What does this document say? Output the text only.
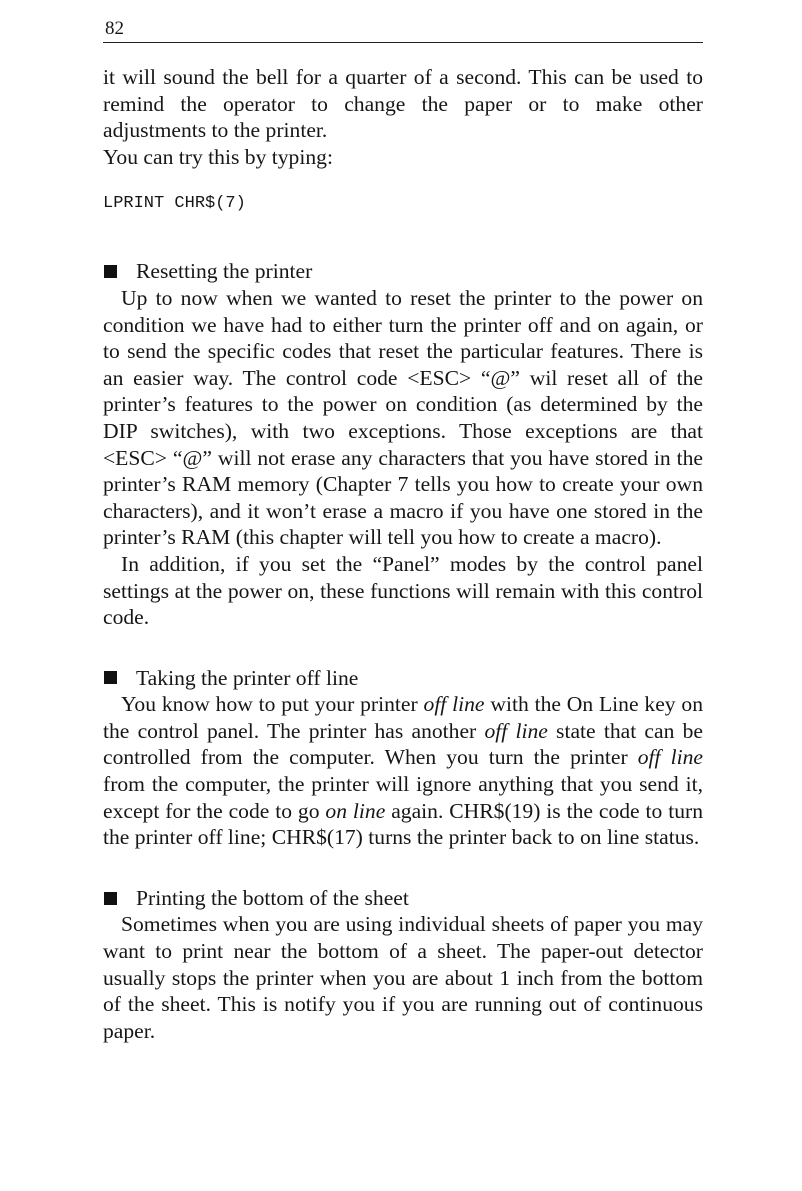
82

it will sound the bell for a quarter of a second. This can be used to remind the operator to change the paper or to make other adjustments to the printer.

You can try this by typing:

LPRINT CHR$(7)

Resetting the printer

Up to now when we wanted to reset the printer to the power on condition we have had to either turn the printer off and on again, or to send the specific codes that reset the particular features. There is an easier way. The control code <ESC> “@” wil reset all of the printer’s features to the power on condition (as determined by the DIP switches), with two exceptions. Those exceptions are that <ESC> “@” will not erase any characters that you have stored in the printer’s RAM memory (Chapter 7 tells you how to create your own characters), and it won’t erase a macro if you have one stored in the printer’s RAM (this chapter will tell you how to create a macro).

In addition, if you set the “Panel” modes by the control panel settings at the power on, these functions will remain with this control code.

Taking the printer off line

You know how to put your printer off line with the On Line key on the control panel. The printer has another off line state that can be controlled from the computer. When you turn the printer off line from the computer, the printer will ignore anything that you send it, except for the code to go on line again. CHR$(19) is the code to turn the printer off line; CHR$(17) turns the printer back to on line status.

Printing the bottom of the sheet

Sometimes when you are using individual sheets of paper you may want to print near the bottom of a sheet. The paper-out detector usually stops the printer when you are about 1 inch from the bottom of the sheet. This is notify you if you are running out of continuous paper.
